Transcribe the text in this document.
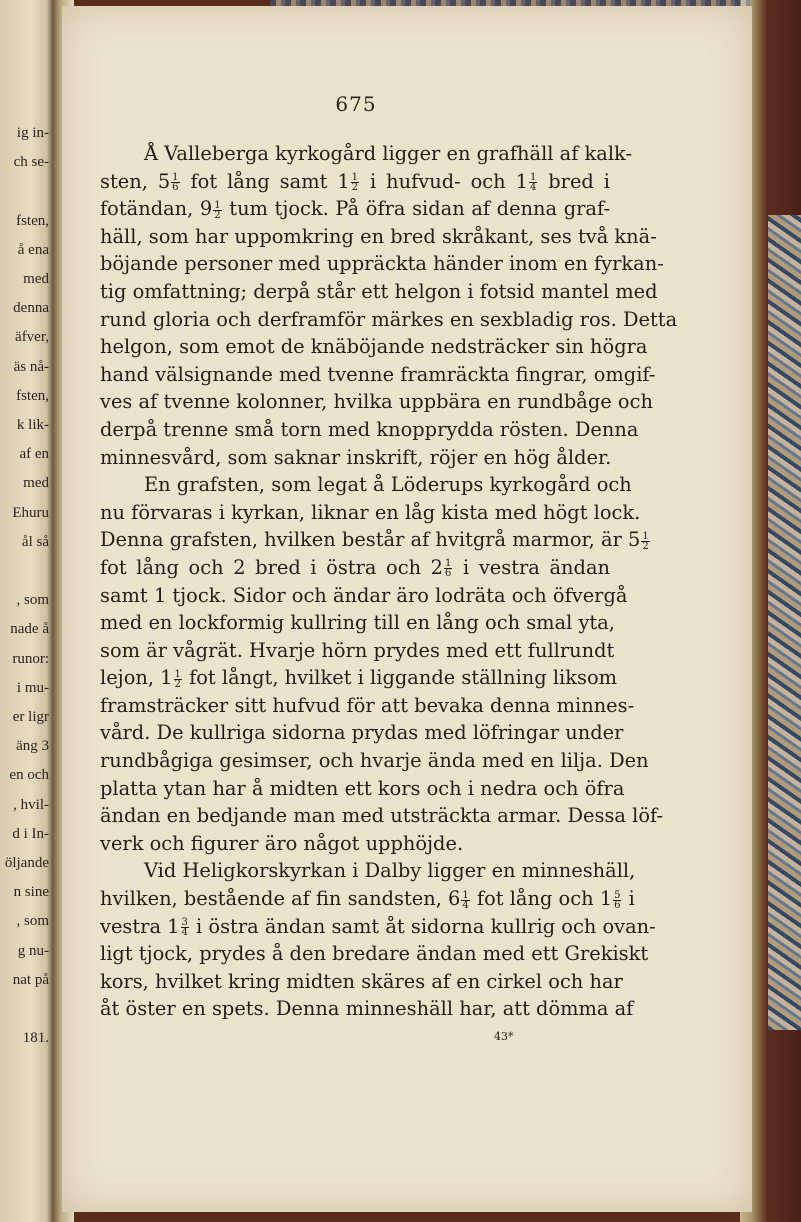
ig in-
ch se-
fsten,
å ena
med
denna
äfver,
äs nå-
fsten,
k lik-
af en
med
Ehuru
ål så
, som
nade å
runor:
i mu-
er ligr
äng 3
en och
, hvil-
d i In-
öljande
n sine
, som
g nu-
nat på
181.
675
Å Valleberga kyrkogård ligger en grafhäll af kalk-
sten, $5 \frac{1}{6}$ fot lång samt $1 \frac{1}{2}$ i hufvud- och $1 \frac{1}{4}$ bred i
fotändan, $9 \frac{1}{2}$ tum tjock. På öfra sidan af denna graf-
häll, som har uppomkring en bred skråkant, ses två knä-
böjande personer med uppräckta händer inom en fyrkan-
tig omfattning; derpå står ett helgon i fotsid mantel med
rund gloria och derframför märkes en sexbladig ros. Detta
helgon, som emot de knäböjande nedsträcker sin högra
hand välsignande med tvenne framräckta fingrar, omgif-
ves af tvenne kolonner, hvilka uppbära en rundbåge och
derpå trenne små torn med knopprydda rösten. Denna
minnesvård, som saknar inskrift, röjer en hög ålder.
En grafsten, som legat å Löderups kyrkogård och
nu förvaras i kyrkan, liknar en låg kista med högt lock.
Denna grafsten, hvilken består af hvitgrå marmor, är $5 \frac{1}{2}$
fot lång och 2 bred i östra och $2 \frac{1}{6}$ i vestra ändan
samt 1 tjock. Sidor och ändar äro lodräta och öfvergå
med en lockformig kullring till en lång och smal yta,
som är vågrät. Hvarje hörn prydes med ett fullrundt
lejon, $1 \frac{1}{2}$ fot långt, hvilket i liggande ställning liksom
framsträcker sitt hufvud för att bevaka denna minnes-
vård. De kullriga sidorna prydas med löfringar under
rundbågiga gesimser, och hvarje ända med en lilja. Den
platta ytan har å midten ett kors och i nedra och öfra
ändan en bedjande man med utsträckta armar. Dessa löf-
verk och figurer äro något upphöjde.
Vid Heligkorskyrkan i Dalby ligger en minneshäll,
hvilken, bestående af fin sandsten, $6 \frac{1}{4}$ fot lång och $1 \frac{5}{6}$ i
vestra $1 \frac{3}{4}$ i östra ändan samt åt sidorna kullrig och ovan-
ligt tjock, prydes å den bredare ändan med ett Grekiskt
kors, hvilket kring midten skäres af en cirkel och har
åt öster en spets. Denna minneshäll har, att dömma af
43*
